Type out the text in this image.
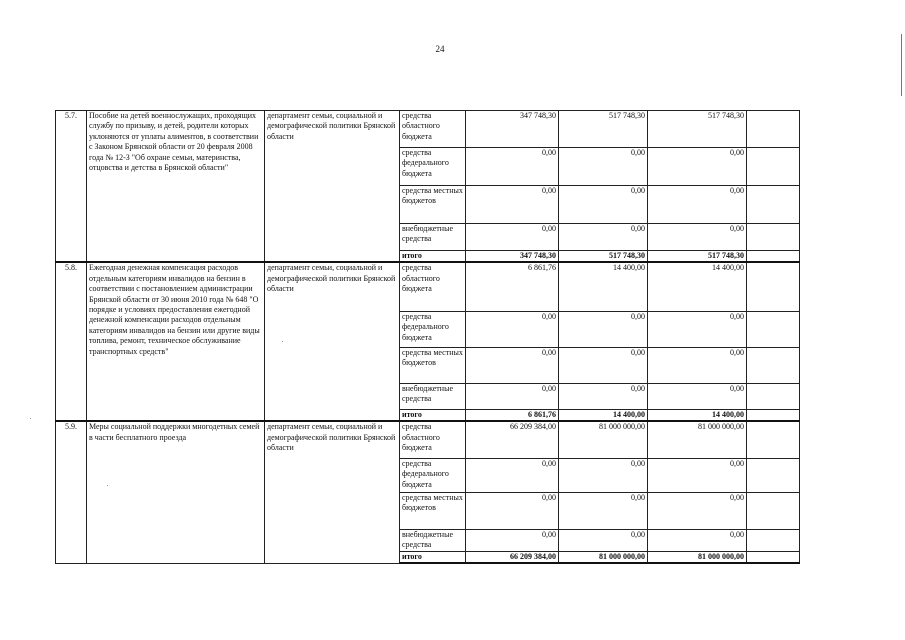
24
5.7.	Пособие на детей военнослужащих, проходящих службу по призыву, и детей, родители которых уклоняются от уплаты алиментов, в соответствии с Законом Брянской области от 20 февраля 2008 года № 12-З "Об охране семьи, материнства, отцовства и детства в Брянской области"	департамент семьи, социальной и демографической политики Брянской области	средства областного бюджета	347 748,30	517 748,30	517 748,30	
			средства федерального бюджета	0,00	0,00	0,00	
			средства местных бюджетов	0,00	0,00	0,00	
			внебюджетные средства	0,00	0,00	0,00	
			итого	347 748,30	517 748,30	517 748,30	
5.8.	Ежегодная денежная компенсация расходов отдельным категориям инвалидов на бензин в соответствии с постановлением администрации Брянской области от 30 июня 2010 года № 648 "О порядке и условиях предоставления ежегодной денежной компенсации расходов отдельным категориям инвалидов на бензин или другие виды топлива, ремонт, техническое обслуживание транспортных средств"	департамент семьи, социальной и демографической политики Брянской области	средства областного бюджета	6 861,76	14 400,00	14 400,00	
			средства федерального бюджета	0,00	0,00	0,00	
			средства местных бюджетов	0,00	0,00	0,00	
			внебюджетные средства	0,00	0,00	0,00	
			итого	6 861,76	14 400,00	14 400,00	
5.9.	Меры социальной поддержки многодетных семей в части бесплатного проезда	департамент семьи, социальной и демографической политики Брянской области	средства областного бюджета	66 209 384,00	81 000 000,00	81 000 000,00	
			средства федерального бюджета	0,00	0,00	0,00	
			средства местных бюджетов	0,00	0,00	0,00	
			внебюджетные средства	0,00	0,00	0,00	
			итого	66 209 384,00	81 000 000,00	81 000 000,00	
